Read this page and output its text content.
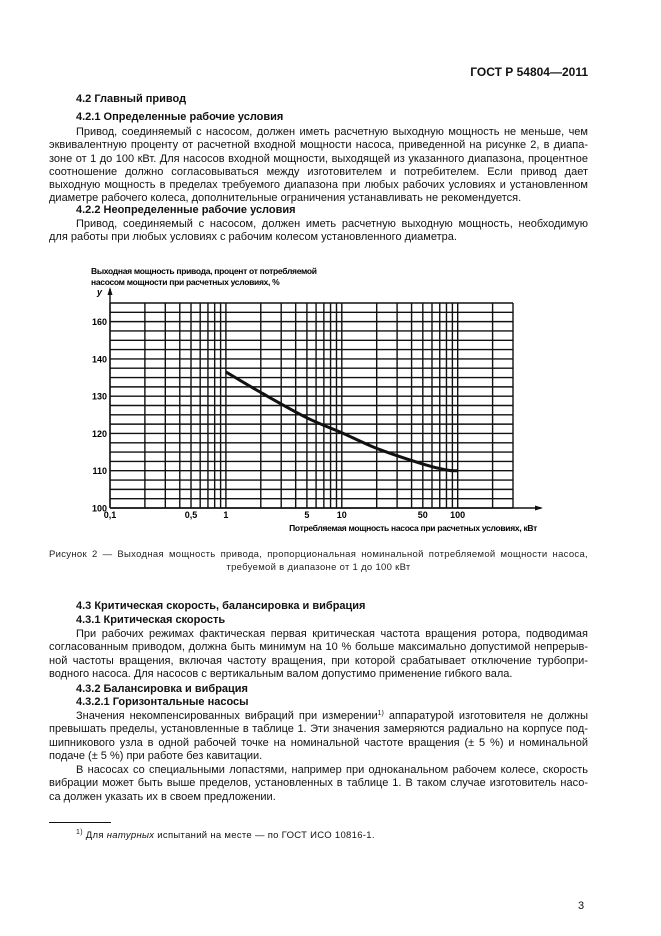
ГОСТ Р 54804—2011
4.2 Главный привод
4.2.1 Определенные рабочие условия
Привод, соединяемый с насосом, должен иметь расчетную выходную мощность не меньше, чем
эквивалентную проценту от расчетной входной мощности насоса, приведенной на рисунке 2, в диапа-
зоне от 1 до 100 кВт. Для насосов входной мощности, выходящей из указанного диапазона, процентное
соотношение должно согласовываться между изготовителем и потребителем. Если привод дает
выходную мощность в пределах требуемого диапазона при любых рабочих условиях и установленном
диаметре рабочего колеса, дополнительные ограничения устанавливать не рекомендуется.
4.2.2 Неопределенные рабочие условия
Привод, соединяемый с насосом, должен иметь расчетную выходную мощность, необходимую
для работы при любых условиях с рабочим колесом установленного диаметра.
100
110
120
130
140
160
0,1	0,5	1	5	10	50 100
Выходная мощность привода, процент от потребляемой
насосом мощности при расчетных условиях, %
y
Потребляемая мощность насоса при расчетных условиях, кВт
Рисунок 2 — Выходная мощность привода, пропорциональная номинальной потребляемой мощности насоса,
требуемой в диапазоне от 1 до 100 кВт
4.3 Критическая скорость, балансировка и вибрация
4.3.1 Критическая скорость
При рабочих режимах фактическая первая критическая частота вращения ротора, подводимая
согласованным приводом, должна быть минимум на 10 % больше максимально допустимой непрерыв-
ной частоты вращения, включая частоту вращения, при которой срабатывает отключение турбопри-
водного насоса. Для насосов с вертикальным валом допустимо применение гибкого вала.
4.3.2 Балансировка и вибрация
4.3.2.1 Горизонтальные насосы
Значения некомпенсированных вибраций при измерении$^{1)}$ аппаратурой изготовителя не должны
превышать пределы, установленные в таблице 1. Эти значения замеряются радиально на корпусе под-
шипникового узла в одной рабочей точке на номинальной частоте вращения (± 5 %) и номинальной
подаче (± 5 %) при работе без кавитации.
В насосах со специальными лопастями, например при одноканальном рабочем колесе, скорость
вибрации может быть выше пределов, установленных в таблице 1. В таком случае изготовитель насо-
са должен указать их в своем предложении.
$^{1)}$ Для натурных испытаний на месте — по ГОСТ ИСО 10816-1.
3
